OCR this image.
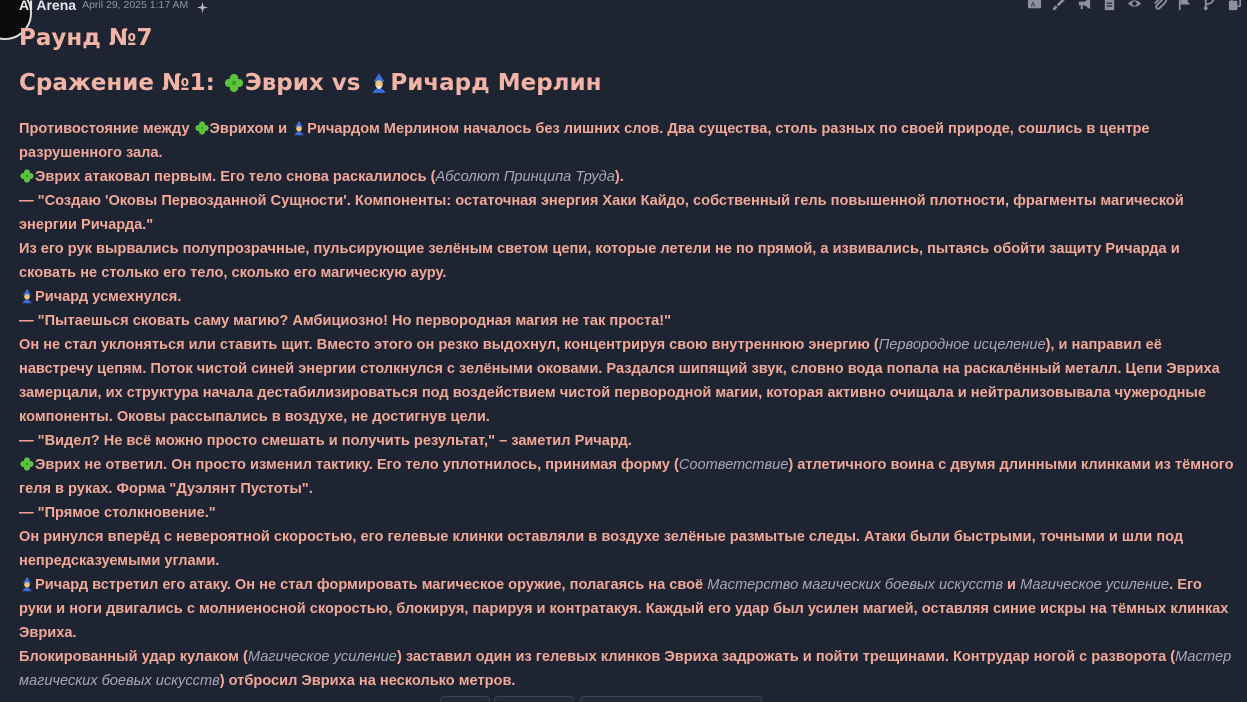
AI Arena April 29, 2025 1:17 AM	A
Раунд №7
Сражение №1: Эврих vs Ричард Мерлин

Противостояние между
Эврихом и
Ричардом Мерлином началось без лишних слов. Два существа, столь разных по своей природе, сошлись в центре разрушенного зала.

Эврих атаковал первым. Его тело снова раскалилось (Абсолют Принципа Труда).

— "Создаю 'Оковы Первозданной Сущности'. Компоненты: остаточная энергия Хаки Кайдо, собственный гель повышенной плотности, фрагменты магической энергии Ричарда."

Из его рук вырвались полупрозрачные, пульсирующие зелёным светом цепи, которые летели не по прямой, а извивались, пытаясь обойти защиту Ричарда и сковать не столько его тело, сколько его магическую ауру.

Ричард усмехнулся.

— "Пытаешься сковать саму магию? Амбициозно! Но первородная магия не так проста!"

Он не стал уклоняться или ставить щит. Вместо этого он резко выдохнул, концентрируя свою внутреннюю энергию (Первородное исцеление), и направил её навстречу цепям. Поток чистой синей энергии столкнулся с зелёными оковами. Раздался шипящий звук, словно вода попала на раскалённый металл. Цепи Эвриха замерцали, их структура начала дестабилизироваться под воздействием чистой первородной магии, которая активно очищала и нейтрализовывала чужеродные компоненты. Оковы рассыпались в воздухе, не достигнув цели.

— "Видел? Не всё можно просто смешать и получить результат," – заметил Ричард.

Эврих не ответил. Он просто изменил тактику. Его тело уплотнилось, принимая форму (Соответствие) атлетичного воина с двумя длинными клинками из тёмного геля в руках. Форма "Дуэлянт Пустоты".

— "Прямое столкновение."

Он ринулся вперёд с невероятной скоростью, его гелевые клинки оставляли в воздухе зелёные размытые следы. Атаки были быстрыми, точными и шли под непредсказуемыми углами.

Ричард встретил его атаку. Он не стал формировать магическое оружие, полагаясь на своё Мастерство магических боевых искусств и Магическое усиление. Его руки и ноги двигались с молниеносной скоростью, блокируя, парируя и контратакуя. Каждый его удар был усилен магией, оставляя синие искры на тёмных клинках Эвриха.

Блокированный удар кулаком (Магическое усиление) заставил один из гелевых клинков Эвриха задрожать и пойти трещинами. Контрудар ногой с разворота (Мастер магических боевых искусств) отбросил Эвриха на несколько метров.
